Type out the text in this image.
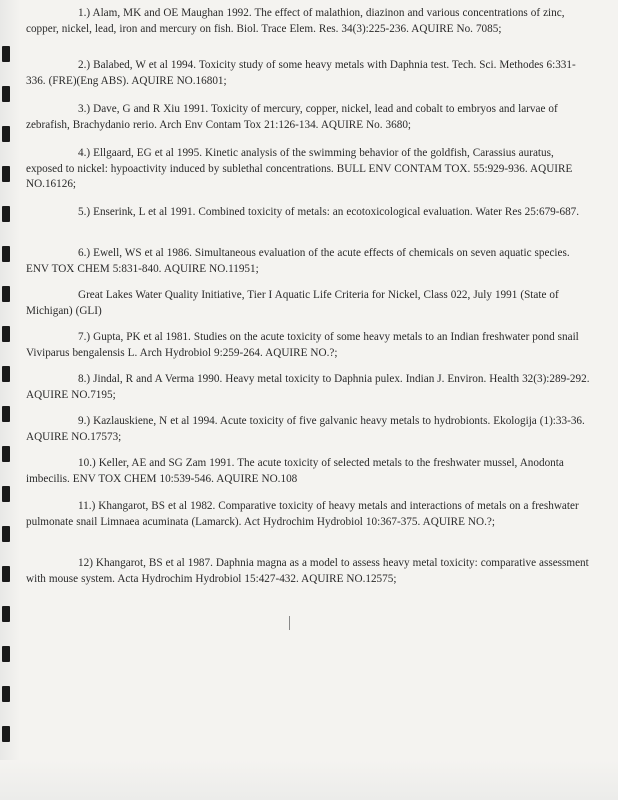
1.) Alam, MK and OE Maughan 1992. The effect of malathion, diazinon and various concentrations of zinc, copper, nickel, lead, iron and mercury on fish. Biol. Trace Elem. Res. 34(3):225-236. AQUIRE No. 7085;

2.) Balabed, W et al 1994. Toxicity study of some heavy metals with Daphnia test. Tech. Sci. Methodes 6:331-336. (FRE)(Eng ABS). AQUIRE NO.16801;

3.) Dave, G and R Xiu 1991. Toxicity of mercury, copper, nickel, lead and cobalt to embryos and larvae of zebrafish, Brachydanio rerio. Arch Env Contam Tox 21:126-134. AQUIRE No. 3680;

4.) Ellgaard, EG et al 1995. Kinetic analysis of the swimming behavior of the goldfish, Carassius auratus, exposed to nickel: hypoactivity induced by sublethal concentrations. BULL ENV CONTAM TOX. 55:929-936. AQUIRE NO.16126;

5.) Enserink, L et al 1991. Combined toxicity of metals: an ecotoxicological evaluation. Water Res 25:679-687.

6.) Ewell, WS et al 1986. Simultaneous evaluation of the acute effects of chemicals on seven aquatic species. ENV TOX CHEM 5:831-840. AQUIRE NO.11951;

Great Lakes Water Quality Initiative, Tier I Aquatic Life Criteria for Nickel, Class 022, July 1991 (State of Michigan) (GLI)

7.) Gupta, PK et al 1981. Studies on the acute toxicity of some heavy metals to an Indian freshwater pond snail Viviparus bengalensis L. Arch Hydrobiol 9:259-264. AQUIRE NO.?;

8.) Jindal, R and A Verma 1990. Heavy metal toxicity to Daphnia pulex. Indian J. Environ. Health 32(3):289-292. AQUIRE NO.7195;

9.) Kazlauskiene, N et al 1994. Acute toxicity of five galvanic heavy metals to hydrobionts. Ekologija (1):33-36. AQUIRE NO.17573;

10.) Keller, AE and SG Zam 1991. The acute toxicity of selected metals to the freshwater mussel, Anodonta imbecilis. ENV TOX CHEM 10:539-546. AQUIRE NO.108

11.) Khangarot, BS et al 1982. Comparative toxicity of heavy metals and interactions of metals on a freshwater pulmonate snail Limnaea acuminata (Lamarck). Act Hydrochim Hydrobiol 10:367-375. AQUIRE NO.?;

12) Khangarot, BS et al 1987. Daphnia magna as a model to assess heavy metal toxicity: comparative assessment with mouse system. Acta Hydrochim Hydrobiol 15:427-432. AQUIRE NO.12575;
